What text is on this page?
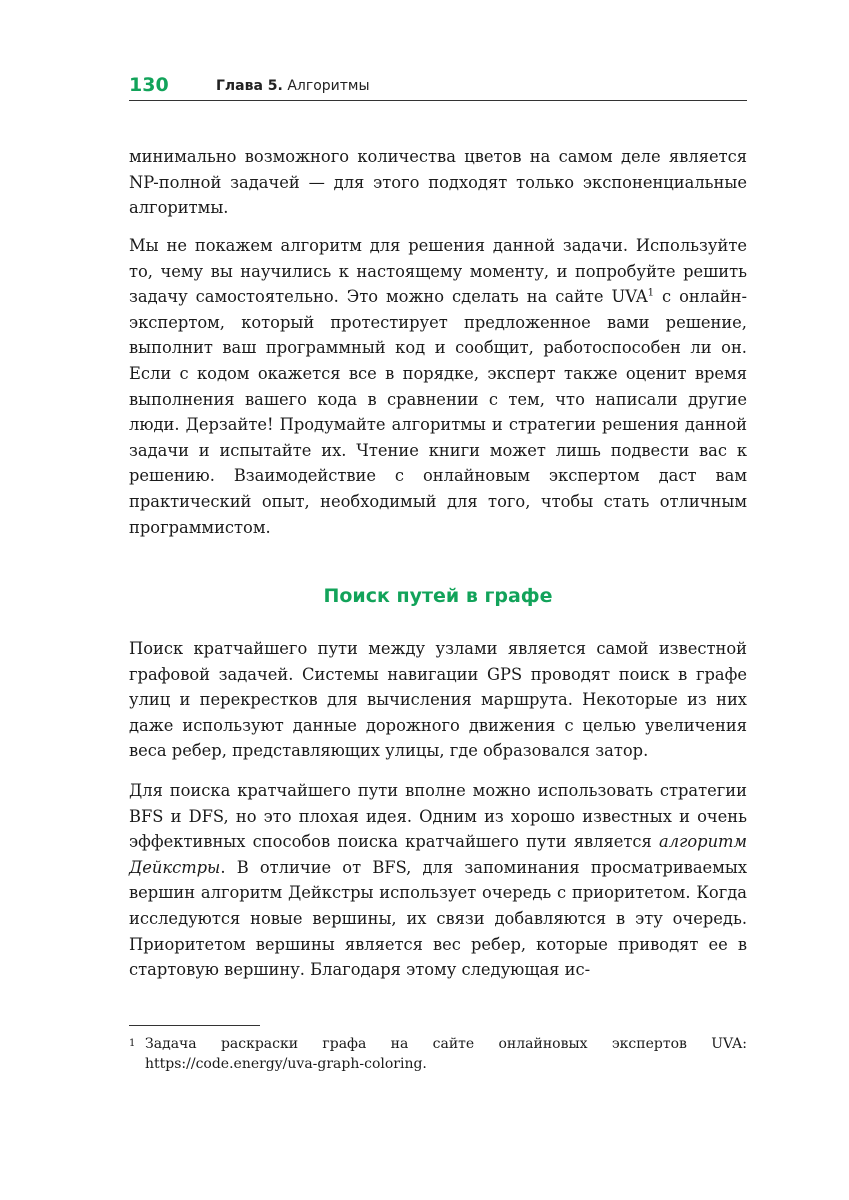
130	Глава 5. Алгоритмы

минимально возможного количества цветов на самом деле является NP-полной задачей — для этого подходят только экспоненциальные алгоритмы.

Мы не покажем алгоритм для решения данной задачи. Используйте то, чему вы научились к настоящему моменту, и попробуйте решить задачу самостоятельно. Это можно сделать на сайте UVA$^1$ с онлайн-экспертом, который протестирует предложенное вами решение, выполнит ваш программный код и сообщит, работоспособен ли он. Если с кодом окажется все в порядке, эксперт также оценит время выполнения вашего кода в сравнении с тем, что написали другие люди. Дерзайте! Продумайте алгоритмы и стратегии решения данной задачи и испытайте их. Чтение книги может лишь подвести вас к решению. Взаимодействие с онлайновым экспертом даст вам практический опыт, необходимый для того, чтобы стать отличным программистом.

Поиск путей в графе

Поиск кратчайшего пути между узлами является самой известной графовой задачей. Системы навигации GPS проводят поиск в графе улиц и перекрестков для вычисления маршрута. Некоторые из них даже используют данные дорожного движения с целью увеличения веса ребер, представляющих улицы, где образовался затор.

Для поиска кратчайшего пути вполне можно использовать стратегии BFS и DFS, но это плохая идея. Одним из хорошо известных и очень эффективных способов поиска кратчайшего пути является алгоритм Дейкстры. В отличие от BFS, для запоминания просматриваемых вершин алгоритм Дейкстры использует очередь с приоритетом. Когда исследуются новые вершины, их связи добавляются в эту очередь. Приоритетом вершины является вес ребер, которые приводят ее в стартовую вершину. Благодаря этому следующая ис-

1 Задача раскраски графа на сайте онлайновых экспертов UVA: https://code.energy/uva-graph-coloring.
